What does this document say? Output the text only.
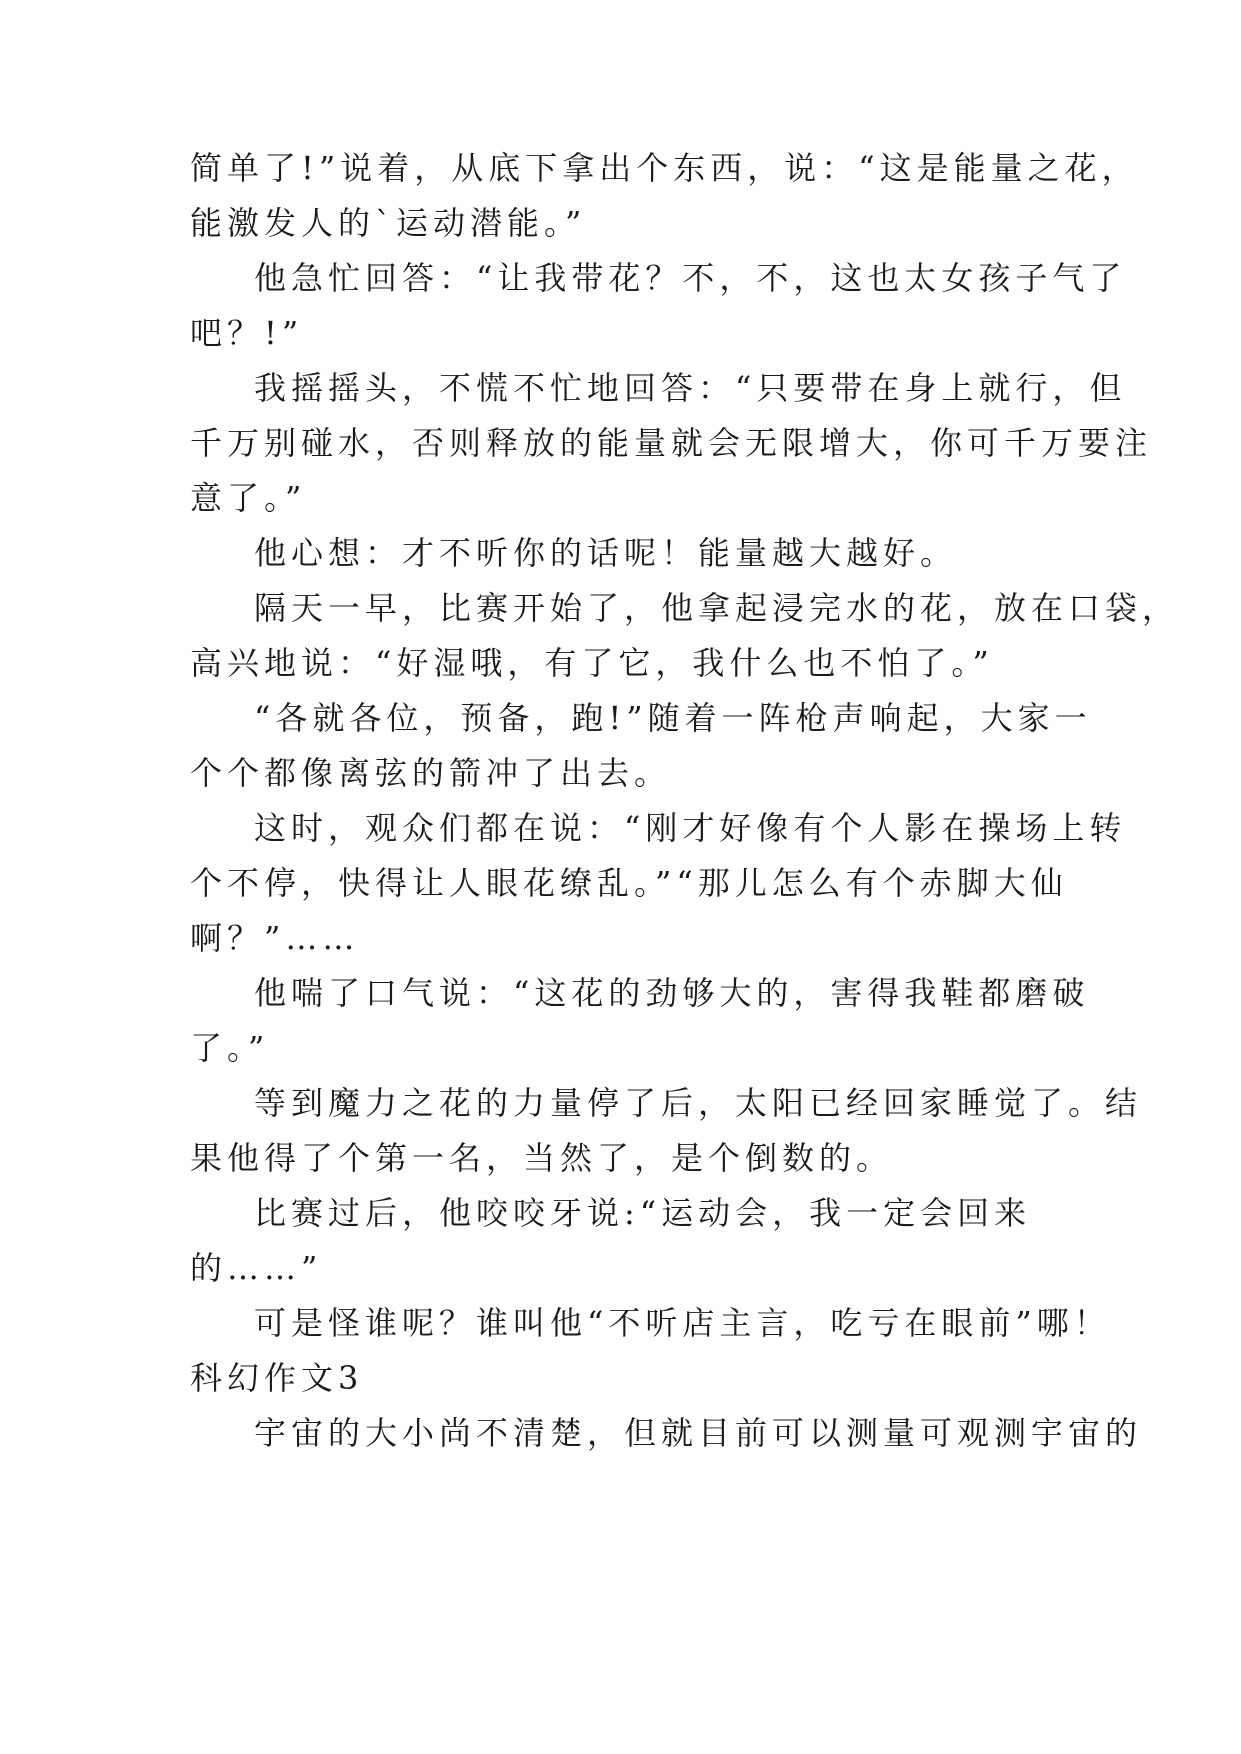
简单了!”说着，从底下拿出个东西，说：“这是能量之花，
能激发人的`运动潜能。”
他急忙回答：“让我带花？不，不，这也太女孩子气了
吧？!”
我摇摇头，不慌不忙地回答：“只要带在身上就行，但
千万别碰水，否则释放的能量就会无限增大，你可千万要注
意了。”
他心想：才不听你的话呢！能量越大越好。
隔天一早，比赛开始了，他拿起浸完水的花，放在口袋，
高兴地说：“好湿哦，有了它，我什么也不怕了。”
“各就各位，预备，跑!”随着一阵枪声响起，大家一
个个都像离弦的箭冲了出去。
这时，观众们都在说：“刚才好像有个人影在操场上转
个不停，快得让人眼花缭乱。”“那儿怎么有个赤脚大仙
啊？”……
他喘了口气说：“这花的劲够大的，害得我鞋都磨破
了。”
等到魔力之花的力量停了后，太阳已经回家睡觉了。结
果他得了个第一名，当然了，是个倒数的。
比赛过后，他咬咬牙说:“运动会，我一定会回来
的……”
可是怪谁呢？谁叫他“不听店主言，吃亏在眼前”哪！
科幻作文3
宇宙的大小尚不清楚，但就目前可以测量可观测宇宙的
